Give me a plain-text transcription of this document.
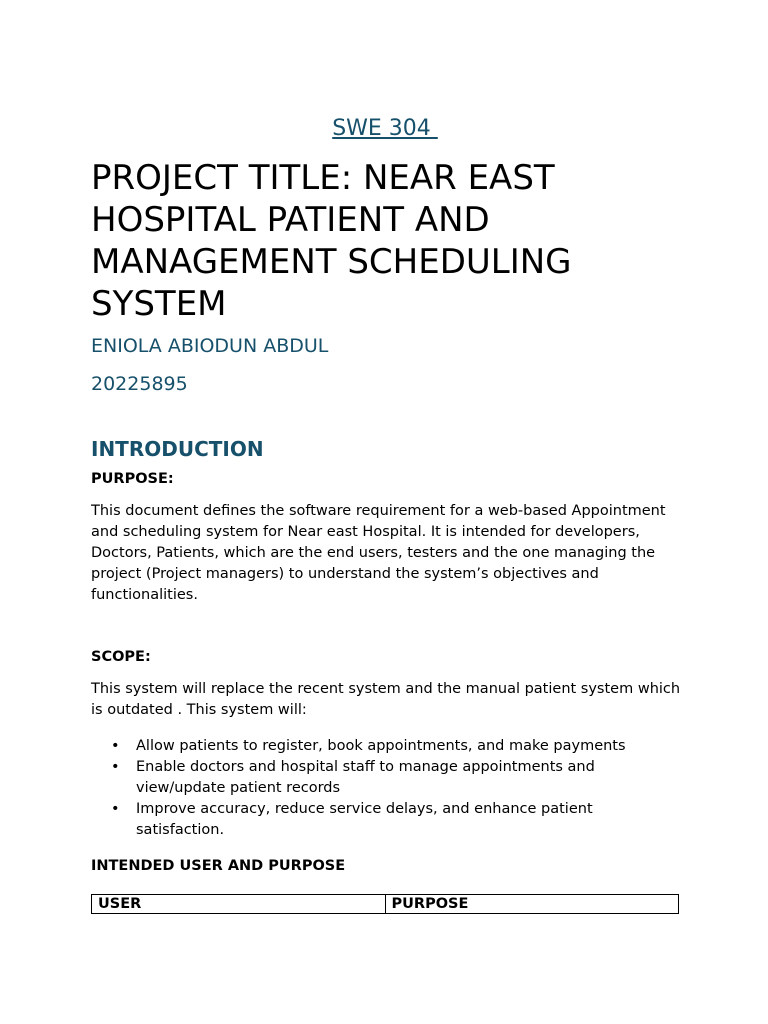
SWE 304
PROJECT TITLE: NEAR EAST HOSPITAL PATIENT AND MANAGEMENT SCHEDULING SYSTEM
ENIOLA ABIODUN ABDUL
20225895
INTRODUCTION

PURPOSE:

This document defines the software requirement for a web-based Appointment and scheduling system for Near east Hospital. It is intended for developers, Doctors, Patients, which are the end users, testers and the one managing the project (Project managers) to understand the system’s objectives and functionalities.

SCOPE:

This system will replace the recent system and the manual patient system which is outdated . This system will:

• Allow patients to register, book appointments, and make payments
• Enable doctors and hospital staff to manage appointments and view/update patient records
• Improve accuracy, reduce service delays, and enhance patient satisfaction.

INTENDED USER AND PURPOSE

USER	PURPOSE
